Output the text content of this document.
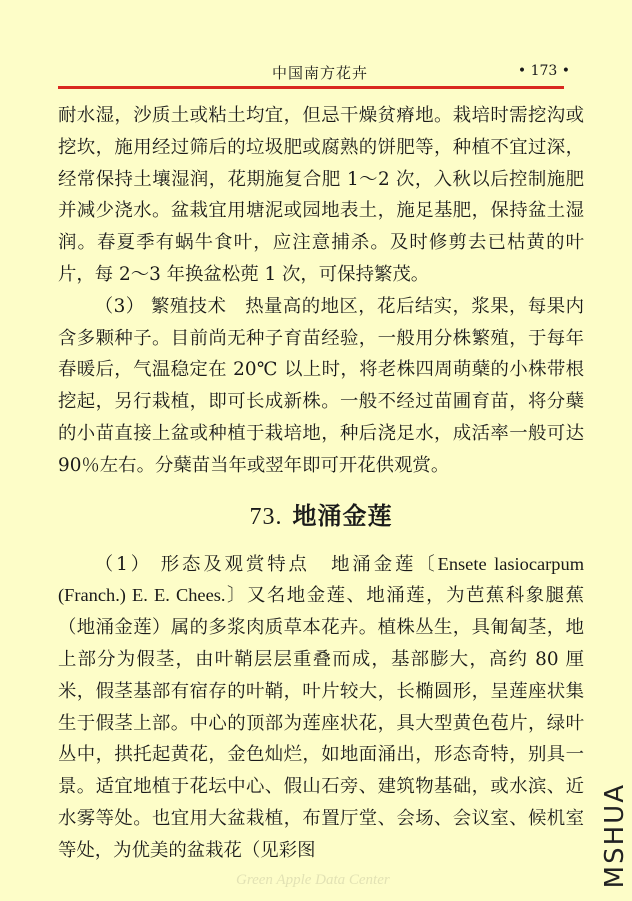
中国南方花卉	• 173 •

耐水湿，沙质土或粘土均宜，但忌干燥贫瘠地。栽培时需挖沟或挖坎，施用经过筛后的垃圾肥或腐熟的饼肥等，种植不宜过深，经常保持土壤湿润，花期施复合肥 1～2 次，入秋以后控制施肥并减少浇水。盆栽宜用塘泥或园地表土，施足基肥，保持盆土湿润。春夏季有蜗牛食叶，应注意捕杀。及时修剪去已枯黄的叶片，每 2～3 年换盆松蔸 1 次，可保持繁茂。

（3） 繁殖技术　热量高的地区，花后结实，浆果，每果内含多颗种子。目前尚无种子育苗经验，一般用分株繁殖，于每年春暖后，气温稳定在 20℃ 以上时，将老株四周萌蘖的小株带根挖起，另行栽植，即可长成新株。一般不经过苗圃育苗，将分蘖的小苗直接上盆或种植于栽培地，种后浇足水，成活率一般可达 90％左右。分蘖苗当年或翌年即可开花供观赏。

73. 地涌金莲

（1） 形态及观赏特点　地涌金莲〔Ensete lasiocarpum (Franch.) E. E. Chees.〕又名地金莲、地涌莲，为芭蕉科象腿蕉（地涌金莲）属的多浆肉质草本花卉。植株丛生，具匍匐茎，地上部分为假茎，由叶鞘层层重叠而成，基部膨大，高约 80 厘米，假茎基部有宿存的叶鞘，叶片较大，长椭圆形，呈莲座状集生于假茎上部。中心的顶部为莲座状花，具大型黄色苞片，绿叶丛中，拱托起黄花，金色灿烂，如地面涌出，形态奇特，别具一景。适宜地植于花坛中心、假山石旁、建筑物基础，或水滨、近水雾等处。也宜用大盆栽植，布置厅堂、会场、会议室、候机室等处，为优美的盆栽花（见彩图

Green Apple Data Center	MSHUA
